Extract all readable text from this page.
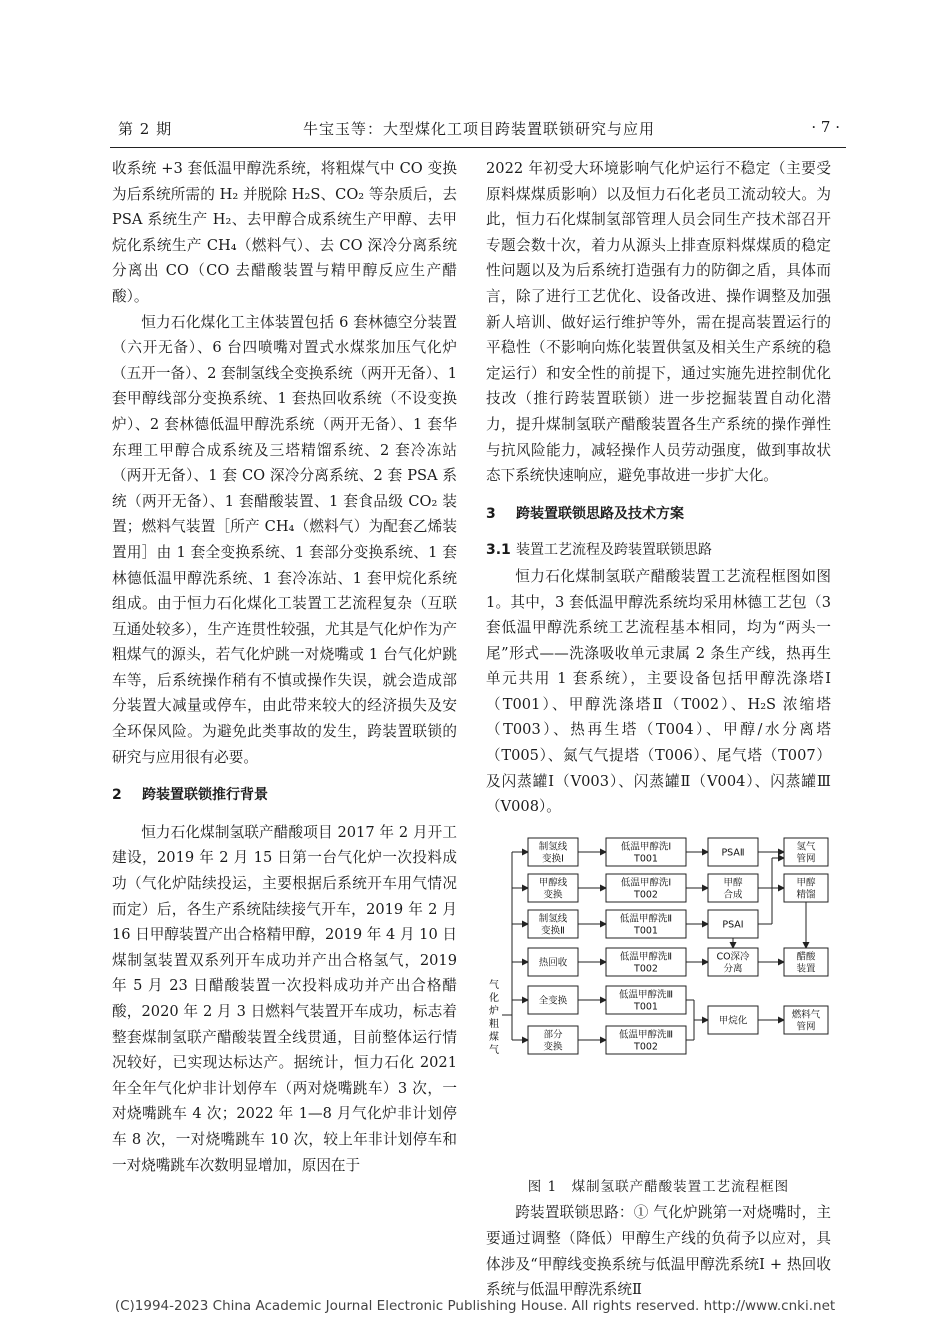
第 2 期	牛宝玉等：大型煤化工项目跨装置联锁研究与应用	· 7 ·

收系统 +3 套低温甲醇洗系统，将粗煤气中 CO 变换为后系统所需的 H₂ 并脱除 H₂S、CO₂ 等杂质后，去 PSA 系统生产 H₂、去甲醇合成系统生产甲醇、去甲烷化系统生产 CH₄（燃料气）、去 CO 深冷分离系统分离出 CO（CO 去醋酸装置与精甲醇反应生产醋酸）。

恒力石化煤化工主体装置包括 6 套林德空分装置（六开无备）、6 台四喷嘴对置式水煤浆加压气化炉（五开一备）、2 套制氢线全变换系统（两开无备）、1 套甲醇线部分变换系统、1 套热回收系统（不设变换炉）、2 套林德低温甲醇洗系统（两开无备）、1 套华东理工甲醇合成系统及三塔精馏系统、2 套冷冻站（两开无备）、1 套 CO 深冷分离系统、2 套 PSA 系统（两开无备）、1 套醋酸装置、1 套食品级 CO₂ 装置；燃料气装置［所产 CH₄（燃料气）为配套乙烯装置用］由 1 套全变换系统、1 套部分变换系统、1 套林德低温甲醇洗系统、1 套冷冻站、1 套甲烷化系统组成。由于恒力石化煤化工装置工艺流程复杂（互联互通处较多），生产连贯性较强，尤其是气化炉作为产粗煤气的源头，若气化炉跳一对烧嘴或 1 台气化炉跳车等，后系统操作稍有不慎或操作失误，就会造成部分装置大减量或停车，由此带来较大的经济损失及安全环保风险。为避免此类事故的发生，跨装置联锁的研究与应用很有必要。

2 跨装置联锁推行背景

恒力石化煤制氢联产醋酸项目 2017 年 2 月开工建设，2019 年 2 月 15 日第一台气化炉一次投料成功（气化炉陆续投运，主要根据后系统开车用气情况而定）后，各生产系统陆续接气开车，2019 年 2 月 16 日甲醇装置产出合格精甲醇，2019 年 4 月 10 日煤制氢装置双系列开车成功并产出合格氢气，2019 年 5 月 23 日醋酸装置一次投料成功并产出合格醋酸，2020 年 2 月 3 日燃料气装置开车成功，标志着整套煤制氢联产醋酸装置全线贯通，目前整体运行情况较好，已实现达标达产。据统计，恒力石化 2021 年全年气化炉非计划停车（两对烧嘴跳车）3 次，一对烧嘴跳车 4 次；2022 年 1—8 月气化炉非计划停车 8 次，一对烧嘴跳车 10 次，较上年非计划停车和一对烧嘴跳车次数明显增加，原因在于

2022 年初受大环境影响气化炉运行不稳定（主要受原料煤煤质影响）以及恒力石化老员工流动较大。为此，恒力石化煤制氢部管理人员会同生产技术部召开专题会数十次，着力从源头上排查原料煤煤质的稳定性问题以及为后系统打造强有力的防御之盾，具体而言，除了进行工艺优化、设备改进、操作调整及加强新人培训、做好运行维护等外，需在提高装置运行的平稳性（不影响向炼化装置供氢及相关生产系统的稳定运行）和安全性的前提下，通过实施先进控制优化技改（推行跨装置联锁）进一步挖掘装置自动化潜力，提升煤制氢联产醋酸装置各生产系统的操作弹性与抗风险能力，减轻操作人员劳动强度，做到事故状态下系统快速响应，避免事故进一步扩大化。

3 跨装置联锁思路及技术方案
3.1 装置工艺流程及跨装置联锁思路

恒力石化煤制氢联产醋酸装置工艺流程框图如图 1。其中，3 套低温甲醇洗系统均采用林德工艺包（3 套低温甲醇洗系统工艺流程基本相同，均为“两头一尾”形式——洗涤吸收单元隶属 2 条生产线，热再生单元共用 1 套系统），主要设备包括甲醇洗涤塔Ⅰ（T001）、甲醇洗涤塔Ⅱ（T002）、H₂S 浓缩塔（T003）、热再生塔（T004）、甲醇/水分离塔（T005）、氮气气提塔（T006）、尾气塔（T007）及闪蒸罐Ⅰ（V003）、闪蒸罐Ⅱ（V004）、闪蒸罐Ⅲ（V008）。

气
化
炉
粗
煤
气
制氢线
变换Ⅰ
甲醇线
变换
制氢线
变换Ⅱ
热回收
全变换
部分
变换
低温甲醇洗Ⅰ
T001
低温甲醇洗Ⅰ
T002
低温甲醇洗Ⅱ
T001
低温甲醇洗Ⅱ
T002
低温甲醇洗Ⅲ
T001
低温甲醇洗Ⅲ
T002
PSAⅡ
甲醇
合成
PSAⅠ
CO深冷
分离
甲烷化
氢气
管网
甲醇
精馏
醋酸
装置
燃料气
管网

图 1　煤制氢联产醋酸装置工艺流程框图

跨装置联锁思路：① 气化炉跳第一对烧嘴时，主要通过调整（降低）甲醇生产线的负荷予以应对，具体涉及“甲醇线变换系统与低温甲醇洗系统Ⅰ + 热回收系统与低温甲醇洗系统Ⅱ

(C)1994-2023 China Academic Journal Electronic Publishing House. All rights reserved. http://www.cnki.net
